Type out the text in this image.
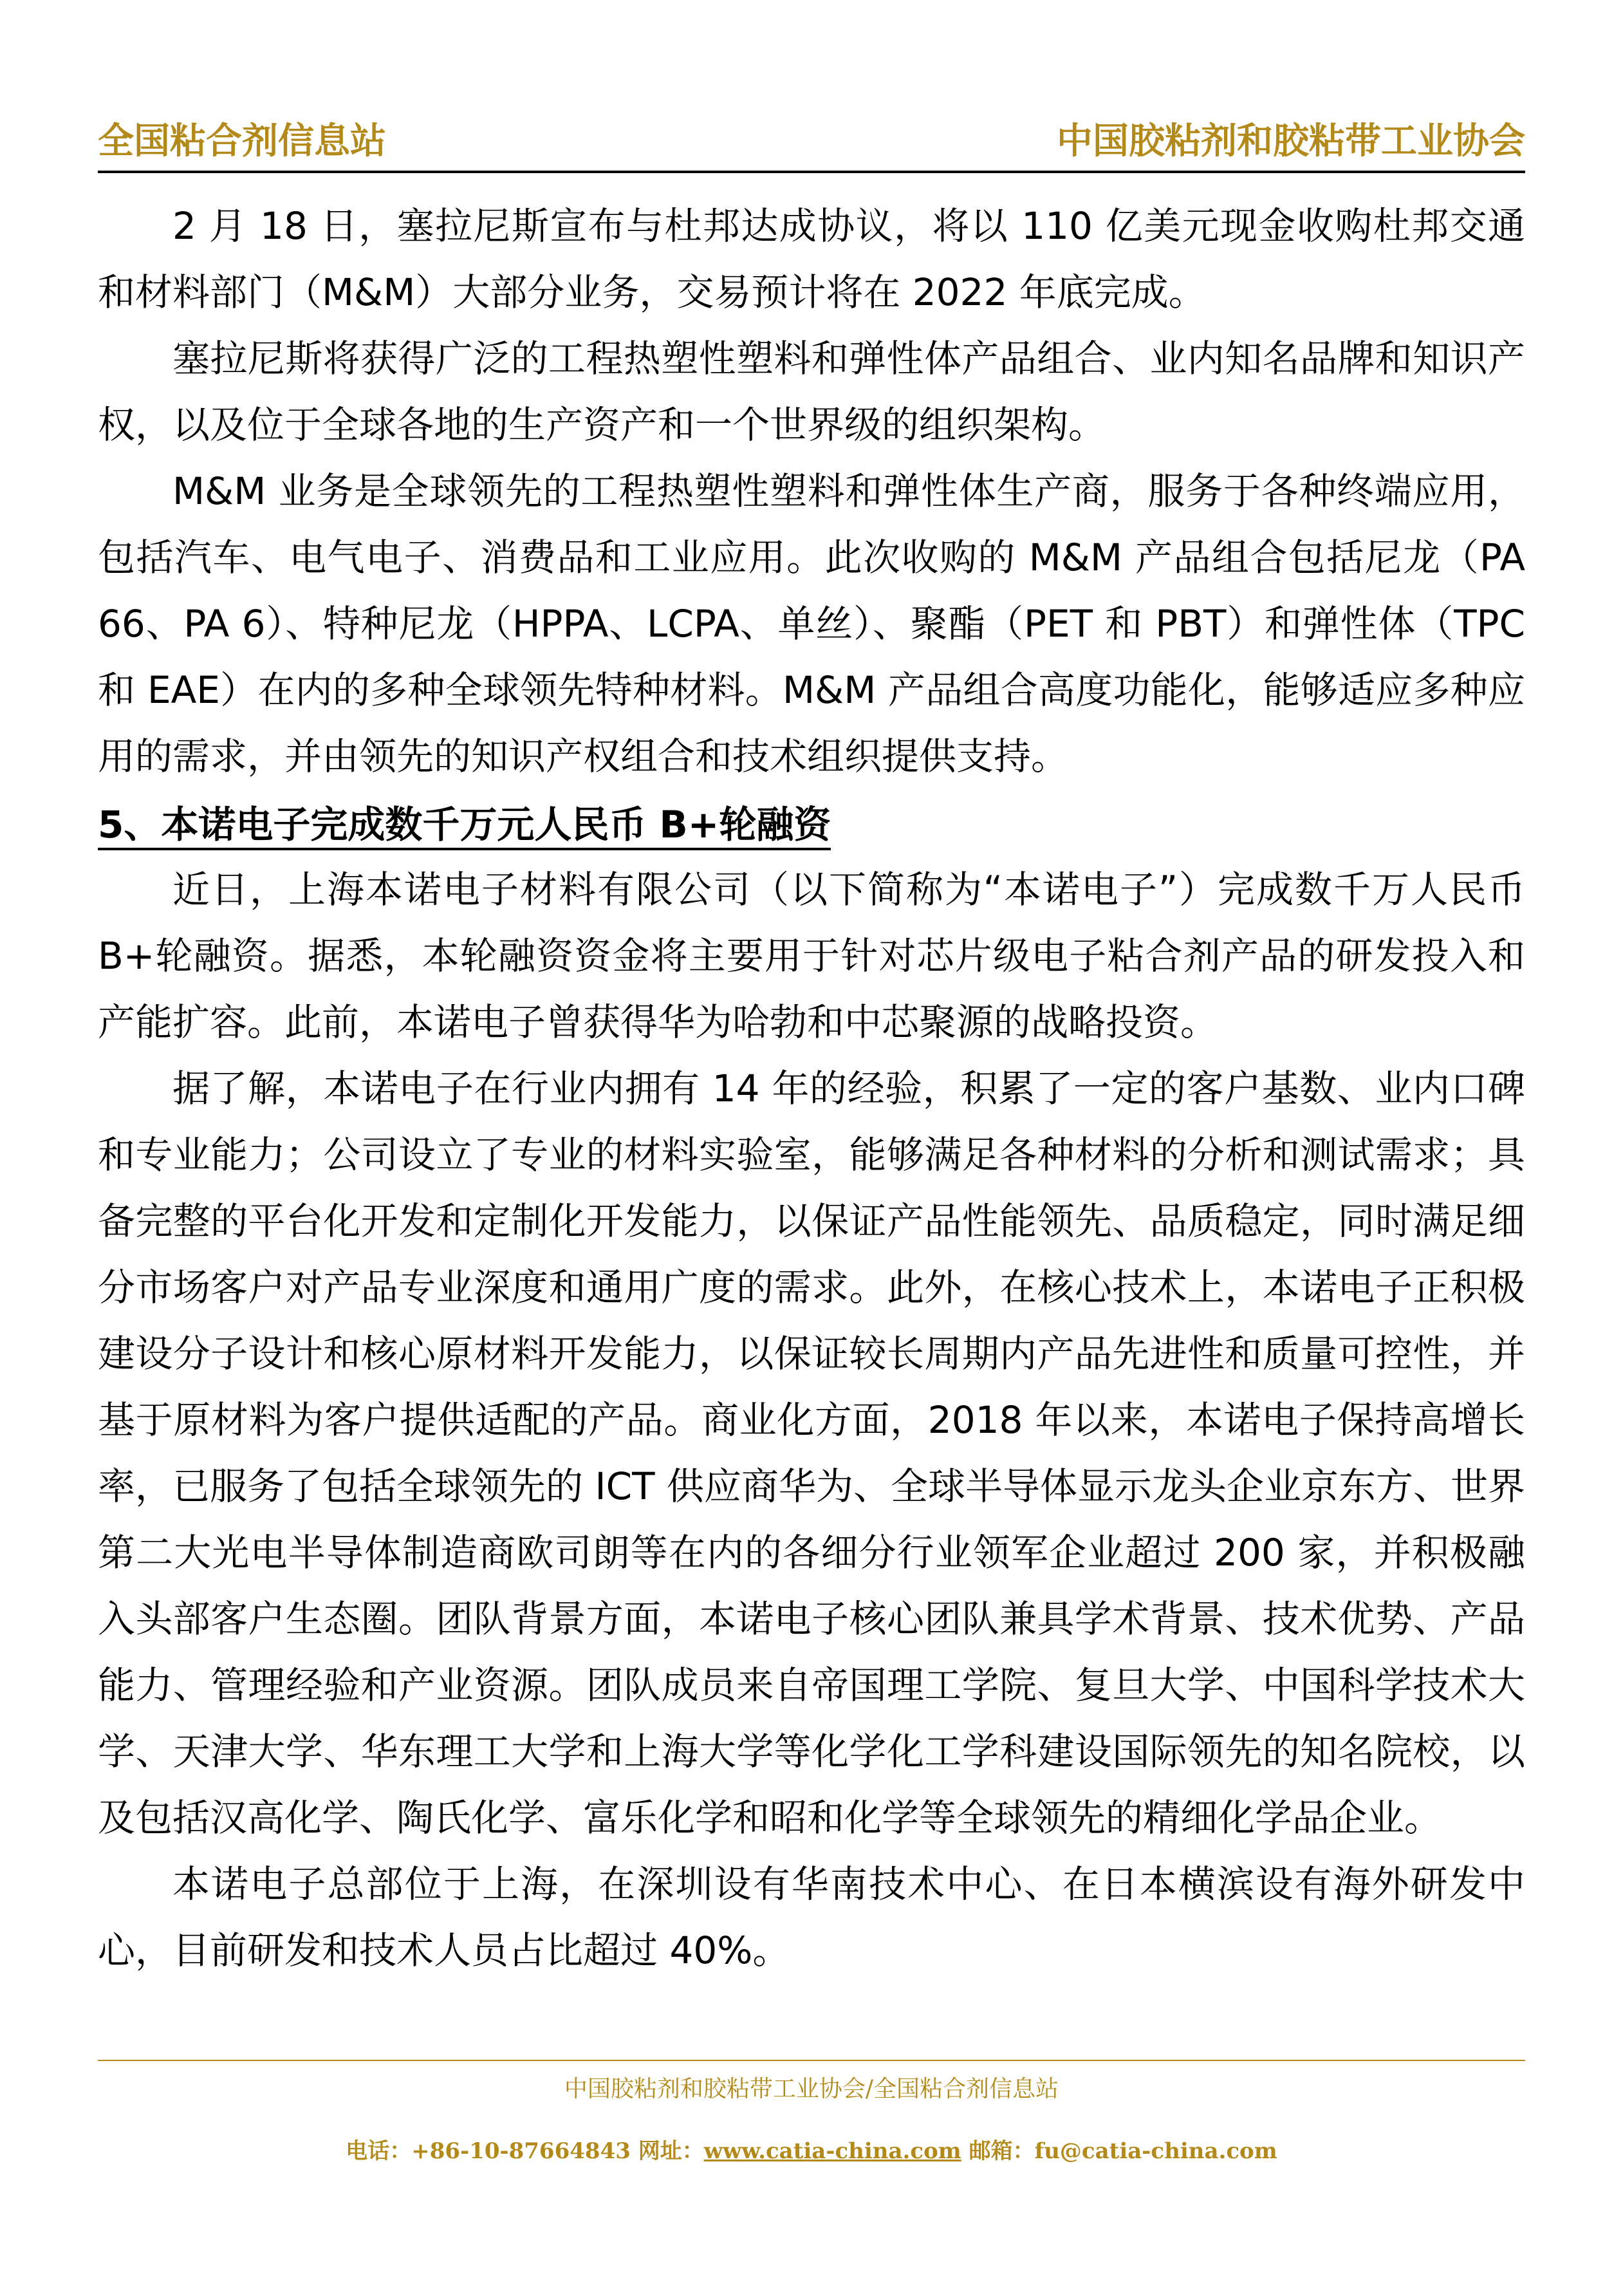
全国粘合剂信息站	中国胶粘剂和胶粘带工业协会

2 月 18 日，塞拉尼斯宣布与杜邦达成协议，将以 110 亿美元现金收购杜邦交通和材料部门（M&M）大部分业务，交易预计将在 2022 年底完成。

塞拉尼斯将获得广泛的工程热塑性塑料和弹性体产品组合、业内知名品牌和知识产权，以及位于全球各地的生产资产和一个世界级的组织架构。

M&M 业务是全球领先的工程热塑性塑料和弹性体生产商，服务于各种终端应用，包括汽车、电气电子、消费品和工业应用。此次收购的 M&M 产品组合包括尼龙（PA 66、PA 6）、特种尼龙（HPPA、LCPA、单丝）、聚酯（PET 和 PBT）和弹性体（TPC 和 EAE）在内的多种全球领先特种材料。M&M 产品组合高度功能化，能够适应多种应用的需求，并由领先的知识产权组合和技术组织提供支持。

5、本诺电子完成数千万元人民币 B+轮融资

近日，上海本诺电子材料有限公司（以下简称为“本诺电子”）完成数千万人民币 B+轮融资。据悉，本轮融资资金将主要用于针对芯片级电子粘合剂产品的研发投入和产能扩容。此前，本诺电子曾获得华为哈勃和中芯聚源的战略投资。

据了解，本诺电子在行业内拥有 14 年的经验，积累了一定的客户基数、业内口碑和专业能力；公司设立了专业的材料实验室，能够满足各种材料的分析和测试需求；具备完整的平台化开发和定制化开发能力，以保证产品性能领先、品质稳定，同时满足细分市场客户对产品专业深度和通用广度的需求。此外，在核心技术上，本诺电子正积极建设分子设计和核心原材料开发能力，以保证较长周期内产品先进性和质量可控性，并基于原材料为客户提供适配的产品。商业化方面，2018 年以来，本诺电子保持高增长率，已服务了包括全球领先的 ICT 供应商华为、全球半导体显示龙头企业京东方、世界第二大光电半导体制造商欧司朗等在内的各细分行业领军企业超过 200 家，并积极融入头部客户生态圈。团队背景方面，本诺电子核心团队兼具学术背景、技术优势、产品能力、管理经验和产业资源。团队成员来自帝国理工学院、复旦大学、中国科学技术大学、天津大学、华东理工大学和上海大学等化学化工学科建设国际领先的知名院校，以及包括汉高化学、陶氏化学、富乐化学和昭和化学等全球领先的精细化学品企业。

本诺电子总部位于上海，在深圳设有华南技术中心、在日本横滨设有海外研发中心，目前研发和技术人员占比超过 40%。

中国胶粘剂和胶粘带工业协会/全国粘合剂信息站
电话：+86-10-87664843 网址：www.catia-china.com 邮箱：fu@catia-china.com
